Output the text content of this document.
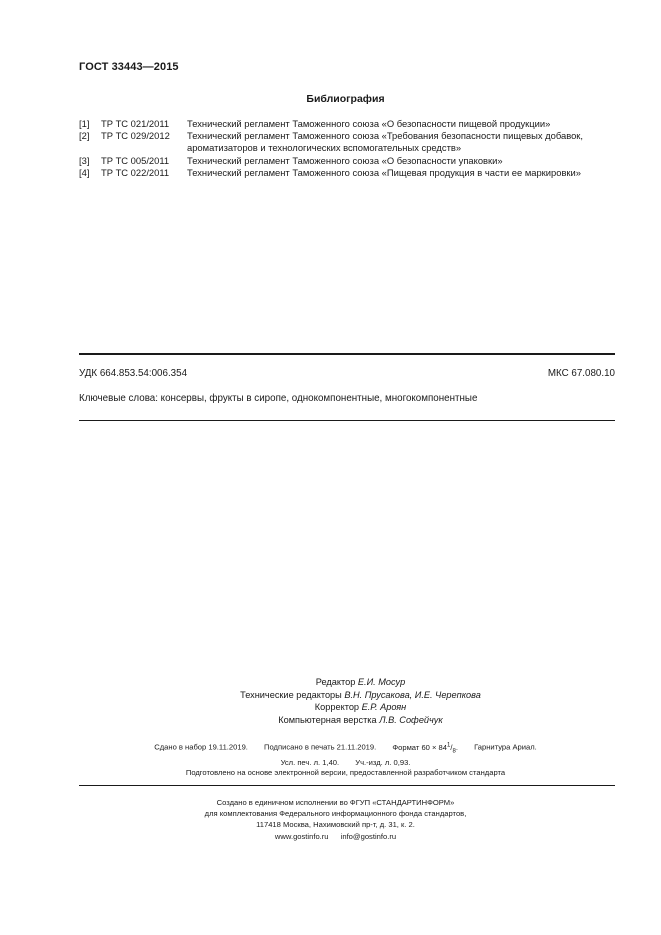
ГОСТ 33443—2015
Библиография
[1]	ТР ТС 021/2011	Технический регламент Таможенного союза «О безопасности пищевой продукции»
[2]	ТР ТС 029/2012	Технический регламент Таможенного союза «Требования безопасности пищевых добавок, ароматизаторов и технологических вспомогательных средств»
[3]	ТР ТС 005/2011	Технический регламент Таможенного союза «О безопасности упаковки»
[4]	ТР ТС 022/2011	Технический регламент Таможенного союза «Пищевая продукция в части ее маркировки»
УДК 664.853.54:006.354	МКС 67.080.10
Ключевые слова: консервы, фрукты в сиропе, однокомпонентные, многокомпонентные
Редактор Е.И. Мосур
Технические редакторы В.Н. Прусакова, И.Е. Черепкова
Корректор Е.Р. Ароян
Компьютерная верстка Л.В. Софейчук
Сдано в набор 19.11.2019. Подписано в печать 21.11.2019. Формат $60 \times 84^1/_8$. Гарнитура Ариал.
Усл. печ. л. 1,40. Уч.-изд. л. 0,93.
Подготовлено на основе электронной версии, предоставленной разработчиком стандарта
Создано в единичном исполнении во ФГУП «СТАНДАРТИНФОРМ»
для комплектования Федерального информационного фонда стандартов,
117418 Москва, Нахимовский пр-т, д. 31, к. 2.
www.gostinfo.ru info@gostinfo.ru
